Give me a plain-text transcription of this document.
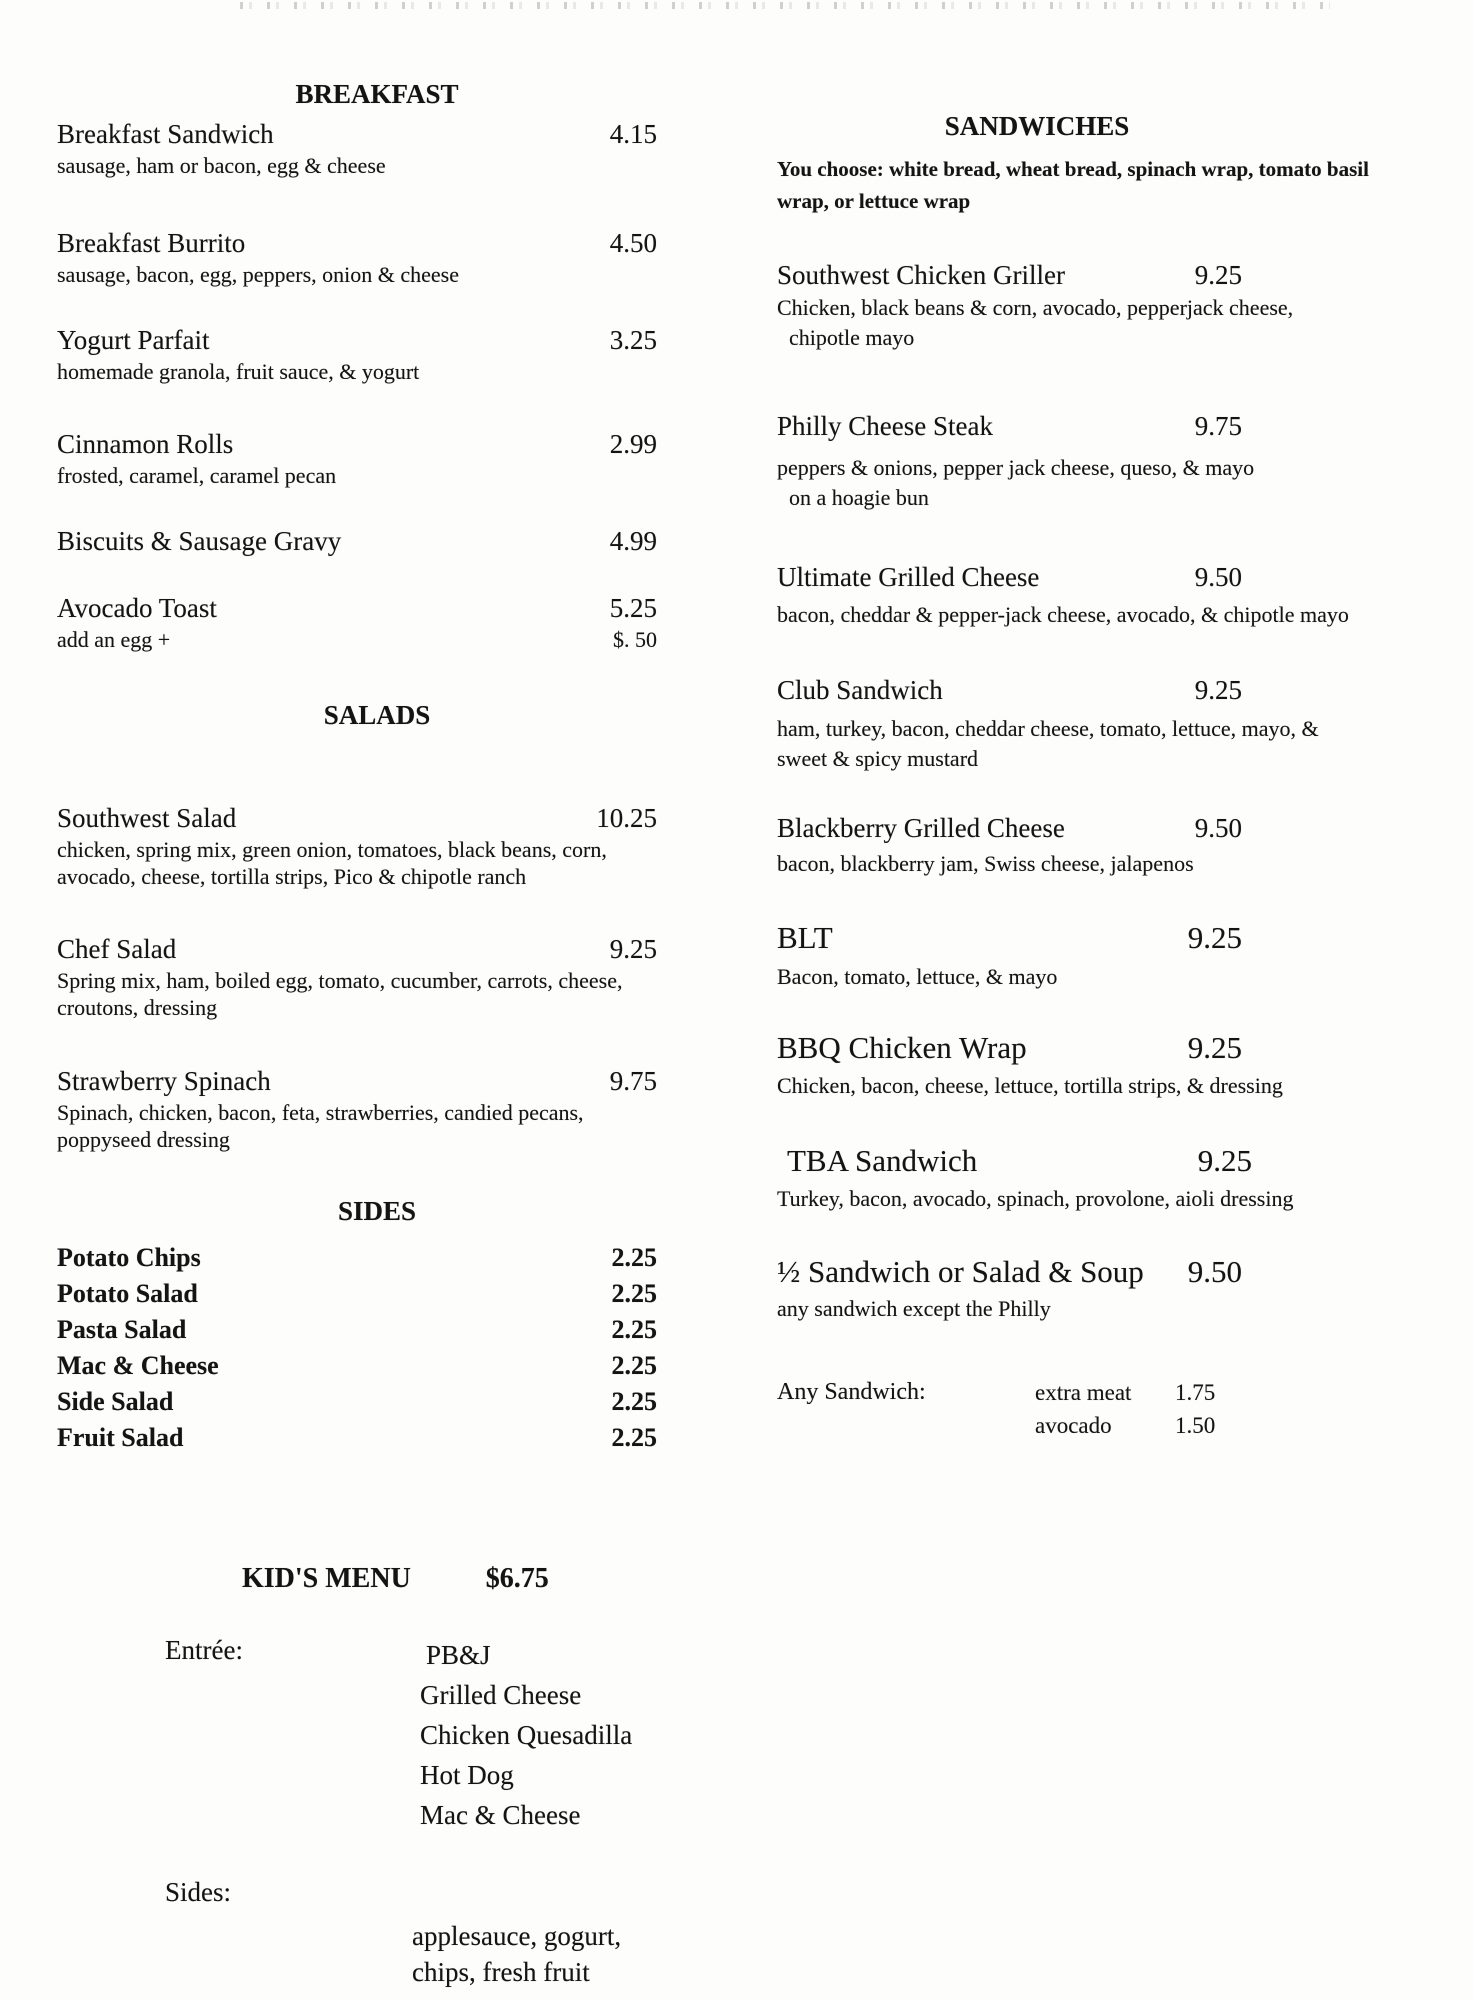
BREAKFAST
Breakfast Sandwich	4.15
sausage, ham or bacon, egg & cheese
Breakfast Burrito	4.50
sausage, bacon, egg, peppers, onion & cheese
Yogurt Parfait	3.25
homemade granola, fruit sauce, & yogurt
Cinnamon Rolls	2.99
frosted, caramel, caramel pecan
Biscuits & Sausage Gravy	4.99
Avocado Toast	5.25
add an egg +	$. 50
SALADS
Southwest Salad	10.25
chicken, spring mix, green onion, tomatoes, black beans, corn,
avocado, cheese, tortilla strips, Pico & chipotle ranch
Chef Salad	9.25
Spring mix, ham, boiled egg, tomato, cucumber, carrots, cheese,
croutons, dressing
Strawberry Spinach	9.75
Spinach, chicken, bacon, feta, strawberries, candied pecans,
poppyseed dressing
SIDES
Potato Chips	2.25
Potato Salad	2.25
Pasta Salad	2.25
Mac & Cheese	2.25
Side Salad	2.25
Fruit Salad	2.25
KID'S MENU	$6.75
Entrée:	PB&J
Grilled Cheese
Chicken Quesadilla
Hot Dog
Mac & Cheese
Sides:
applesauce, gogurt,
chips, fresh fruit
SANDWICHES
You choose: white bread, wheat bread, spinach wrap, tomato basil
wrap, or lettuce wrap
Southwest Chicken Griller	9.25
Chicken, black beans & corn, avocado, pepperjack cheese,
chipotle mayo
Philly Cheese Steak	9.75
peppers & onions, pepper jack cheese, queso, & mayo
on a hoagie bun
Ultimate Grilled Cheese	9.50
bacon, cheddar & pepper-jack cheese, avocado, & chipotle mayo
Club Sandwich	9.25
ham, turkey, bacon, cheddar cheese, tomato, lettuce, mayo, &
sweet & spicy mustard
Blackberry Grilled Cheese	9.50
bacon, blackberry jam, Swiss cheese, jalapenos
BLT	9.25
Bacon, tomato, lettuce, & mayo
BBQ Chicken Wrap	9.25
Chicken, bacon, cheese, lettuce, tortilla strips, & dressing
TBA Sandwich	9.25
Turkey, bacon, avocado, spinach, provolone, aioli dressing
½ Sandwich or Salad & Soup 9.50
any sandwich except the Philly
Any Sandwich:	extra meat	1.75
avocado	1.50
